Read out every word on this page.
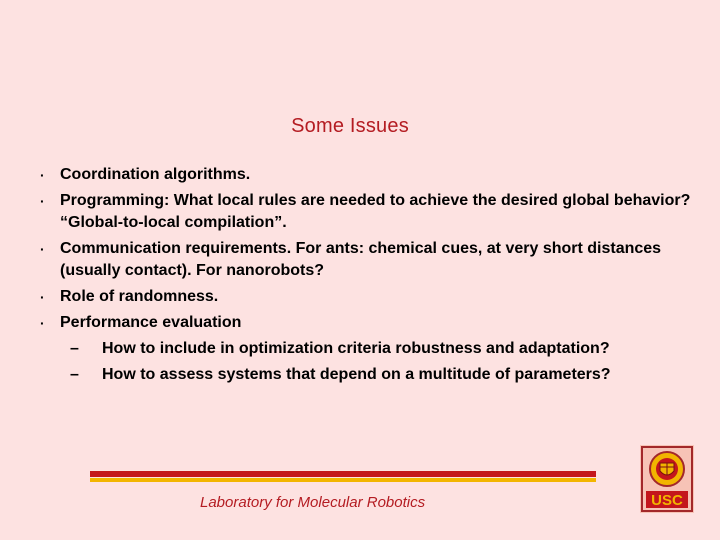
Some Issues
· Coordination algorithms.
· Programming: What local rules are needed to achieve the desired global behavior? “Global-to-local compilation”.
· Communication requirements. For ants: chemical cues, at very short distances (usually contact). For nanorobots?
· Role of randomness.
· Performance evaluation
– How to include in optimization criteria robustness and adaptation?
– How to assess systems that depend on a multitude of parameters?
Laboratory for Molecular Robotics	USC
